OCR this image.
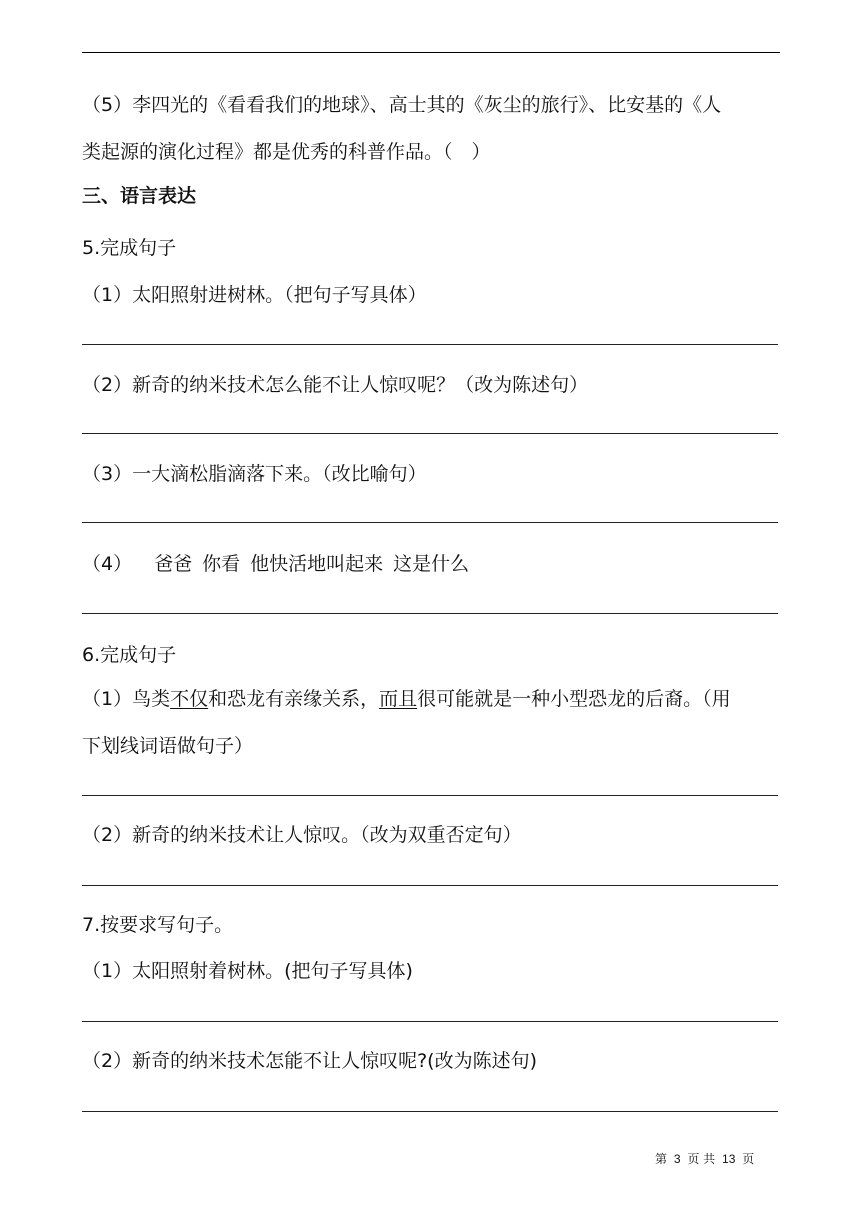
（5）李四光的《看看我们的地球》、高士其的《灰尘的旅行》、比安基的《人
类起源的演化过程》都是优秀的科普作品。（　）
三、语言表达
5.完成句子
（1）太阳照射进树林。（把句子写具体）
（2）新奇的纳米技术怎么能不让人惊叹呢？（改为陈述句）
（3）一大滴松脂滴落下来。（改比喻句）
（4） 爸爸 你看 他快活地叫起来 这是什么
6.完成句子
（1）鸟类不仅和恐龙有亲缘关系，而且很可能就是一种小型恐龙的后裔。（用
下划线词语做句子）
（2）新奇的纳米技术让人惊叹。（改为双重否定句）
7.按要求写句子。
（1）太阳照射着树林。(把句子写具体)
（2）新奇的纳米技术怎能不让人惊叹呢?(改为陈述句)
第 3 页 共 13 页
